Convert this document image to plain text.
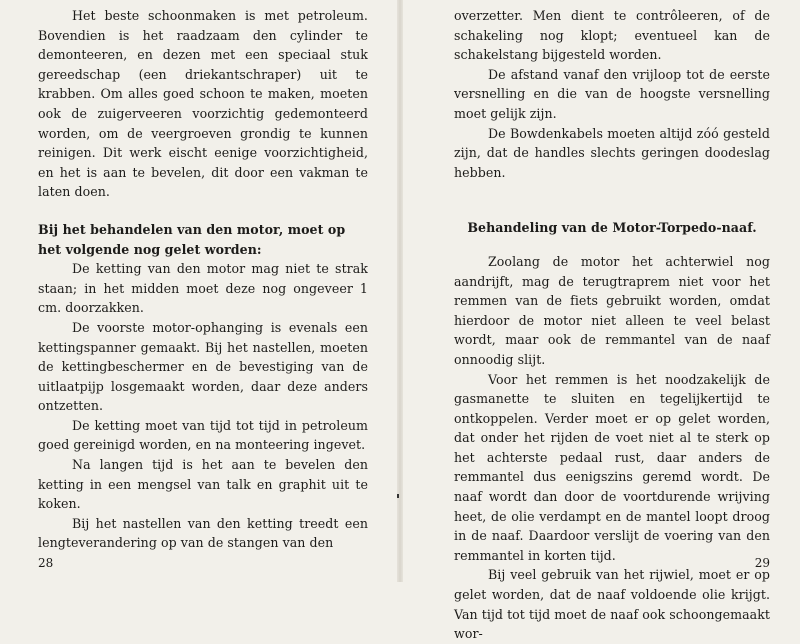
Het beste schoonmaken is met petroleum. Bovendien is het raadzaam den cylinder te demonteeren, en dezen met een speciaal stuk gereedschap (een driekantschraper) uit te krabben. Om alles goed schoon te maken, moeten ook de zuigerveeren voorzichtig gedemonteerd worden, om de veergroeven grondig te kunnen reinigen. Dit werk eischt eenige voorzichtigheid, en het is aan te bevelen, dit door een vakman te laten doen.

Bij het behandelen van den motor, moet op het volgende nog gelet worden:

De ketting van den motor mag niet te strak staan; in het midden moet deze nog ongeveer 1 cm. doorzakken.

De voorste motor-ophanging is evenals een kettingspanner gemaakt. Bij het nastellen, moeten de kettingbeschermer en de bevestiging van de uitlaatpijp losgemaakt worden, daar deze anders ontzetten.

De ketting moet van tijd tot tijd in petroleum goed gereinigd worden, en na monteering ingevet.

Na langen tijd is het aan te bevelen den ketting in een mengsel van talk en graphit uit te koken.

Bij het nastellen van den ketting treedt een lengteverandering op van de stangen van den

28

overzetter. Men dient te contrôleeren, of de schakeling nog klopt; eventueel kan de schakelstang bijgesteld worden.

De afstand vanaf den vrijloop tot de eerste versnelling en die van de hoogste versnelling moet gelijk zijn.

De Bowdenkabels moeten altijd zóó gesteld zijn, dat de handles slechts geringen doodeslag hebben.

Behandeling van de Motor-Torpedo-naaf.

Zoolang de motor het achterwiel nog aandrijft, mag de terugtraprem niet voor het remmen van de fiets gebruikt worden, omdat hierdoor de motor niet alleen te veel belast wordt, maar ook de remmantel van de naaf onnoodig slijt.

Voor het remmen is het noodzakelijk de gasmanette te sluiten en tegelijkertijd te ontkoppelen. Verder moet er op gelet worden, dat onder het rijden de voet niet al te sterk op het achterste pedaal rust, daar anders de remmantel dus eenigszins geremd wordt. De naaf wordt dan door de voortdurende wrijving heet, de olie verdampt en de mantel loopt droog in de naaf. Daardoor verslijt de voering van den remmantel in korten tijd.

Bij veel gebruik van het rijwiel, moet er op gelet worden, dat de naaf voldoende olie krijgt. Van tijd tot tijd moet de naaf ook schoongemaakt wor-

29
